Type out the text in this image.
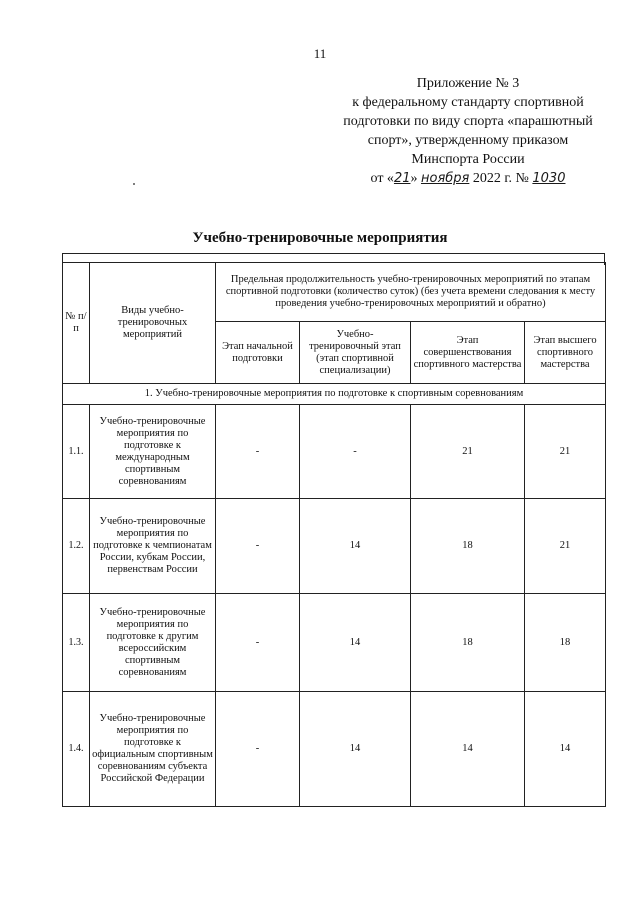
11
Приложение № 3
к федеральному стандарту спортивной
подготовки по виду спорта «парашютный
спорт», утвержденному приказом
Минспорта России
от «21» ноября 2022 г. № 1030
Учебно-тренировочные мероприятия
№ п/п	Виды учебно-тренировочных мероприятий	Предельная продолжительность учебно-тренировочных мероприятий по этапам спортивной подготовки (количество суток) (без учета времени следования к месту проведения учебно-тренировочных мероприятий и обратно)			
		Этап начальной подготовки	Учебно-тренировочный этап (этап спортивной специализации)	Этап совершенствования спортивного мастерства	Этап высшего спортивного мастерства
1. Учебно-тренировочные мероприятия по подготовке к спортивным соревнованиям					
1.1.	Учебно-тренировочные мероприятия по подготовке к международным спортивным соревнованиям	-	-	21	21
1.2.	Учебно-тренировочные мероприятия по подготовке к чемпионатам России, кубкам России, первенствам России	-	14	18	21
1.3.	Учебно-тренировочные мероприятия по подготовке к другим всероссийским спортивным соревнованиям	-	14	18	18
1.4.	Учебно-тренировочные мероприятия по подготовке к официальным спортивным соревнованиям субъекта Российской Федерации	-	14	14	14
